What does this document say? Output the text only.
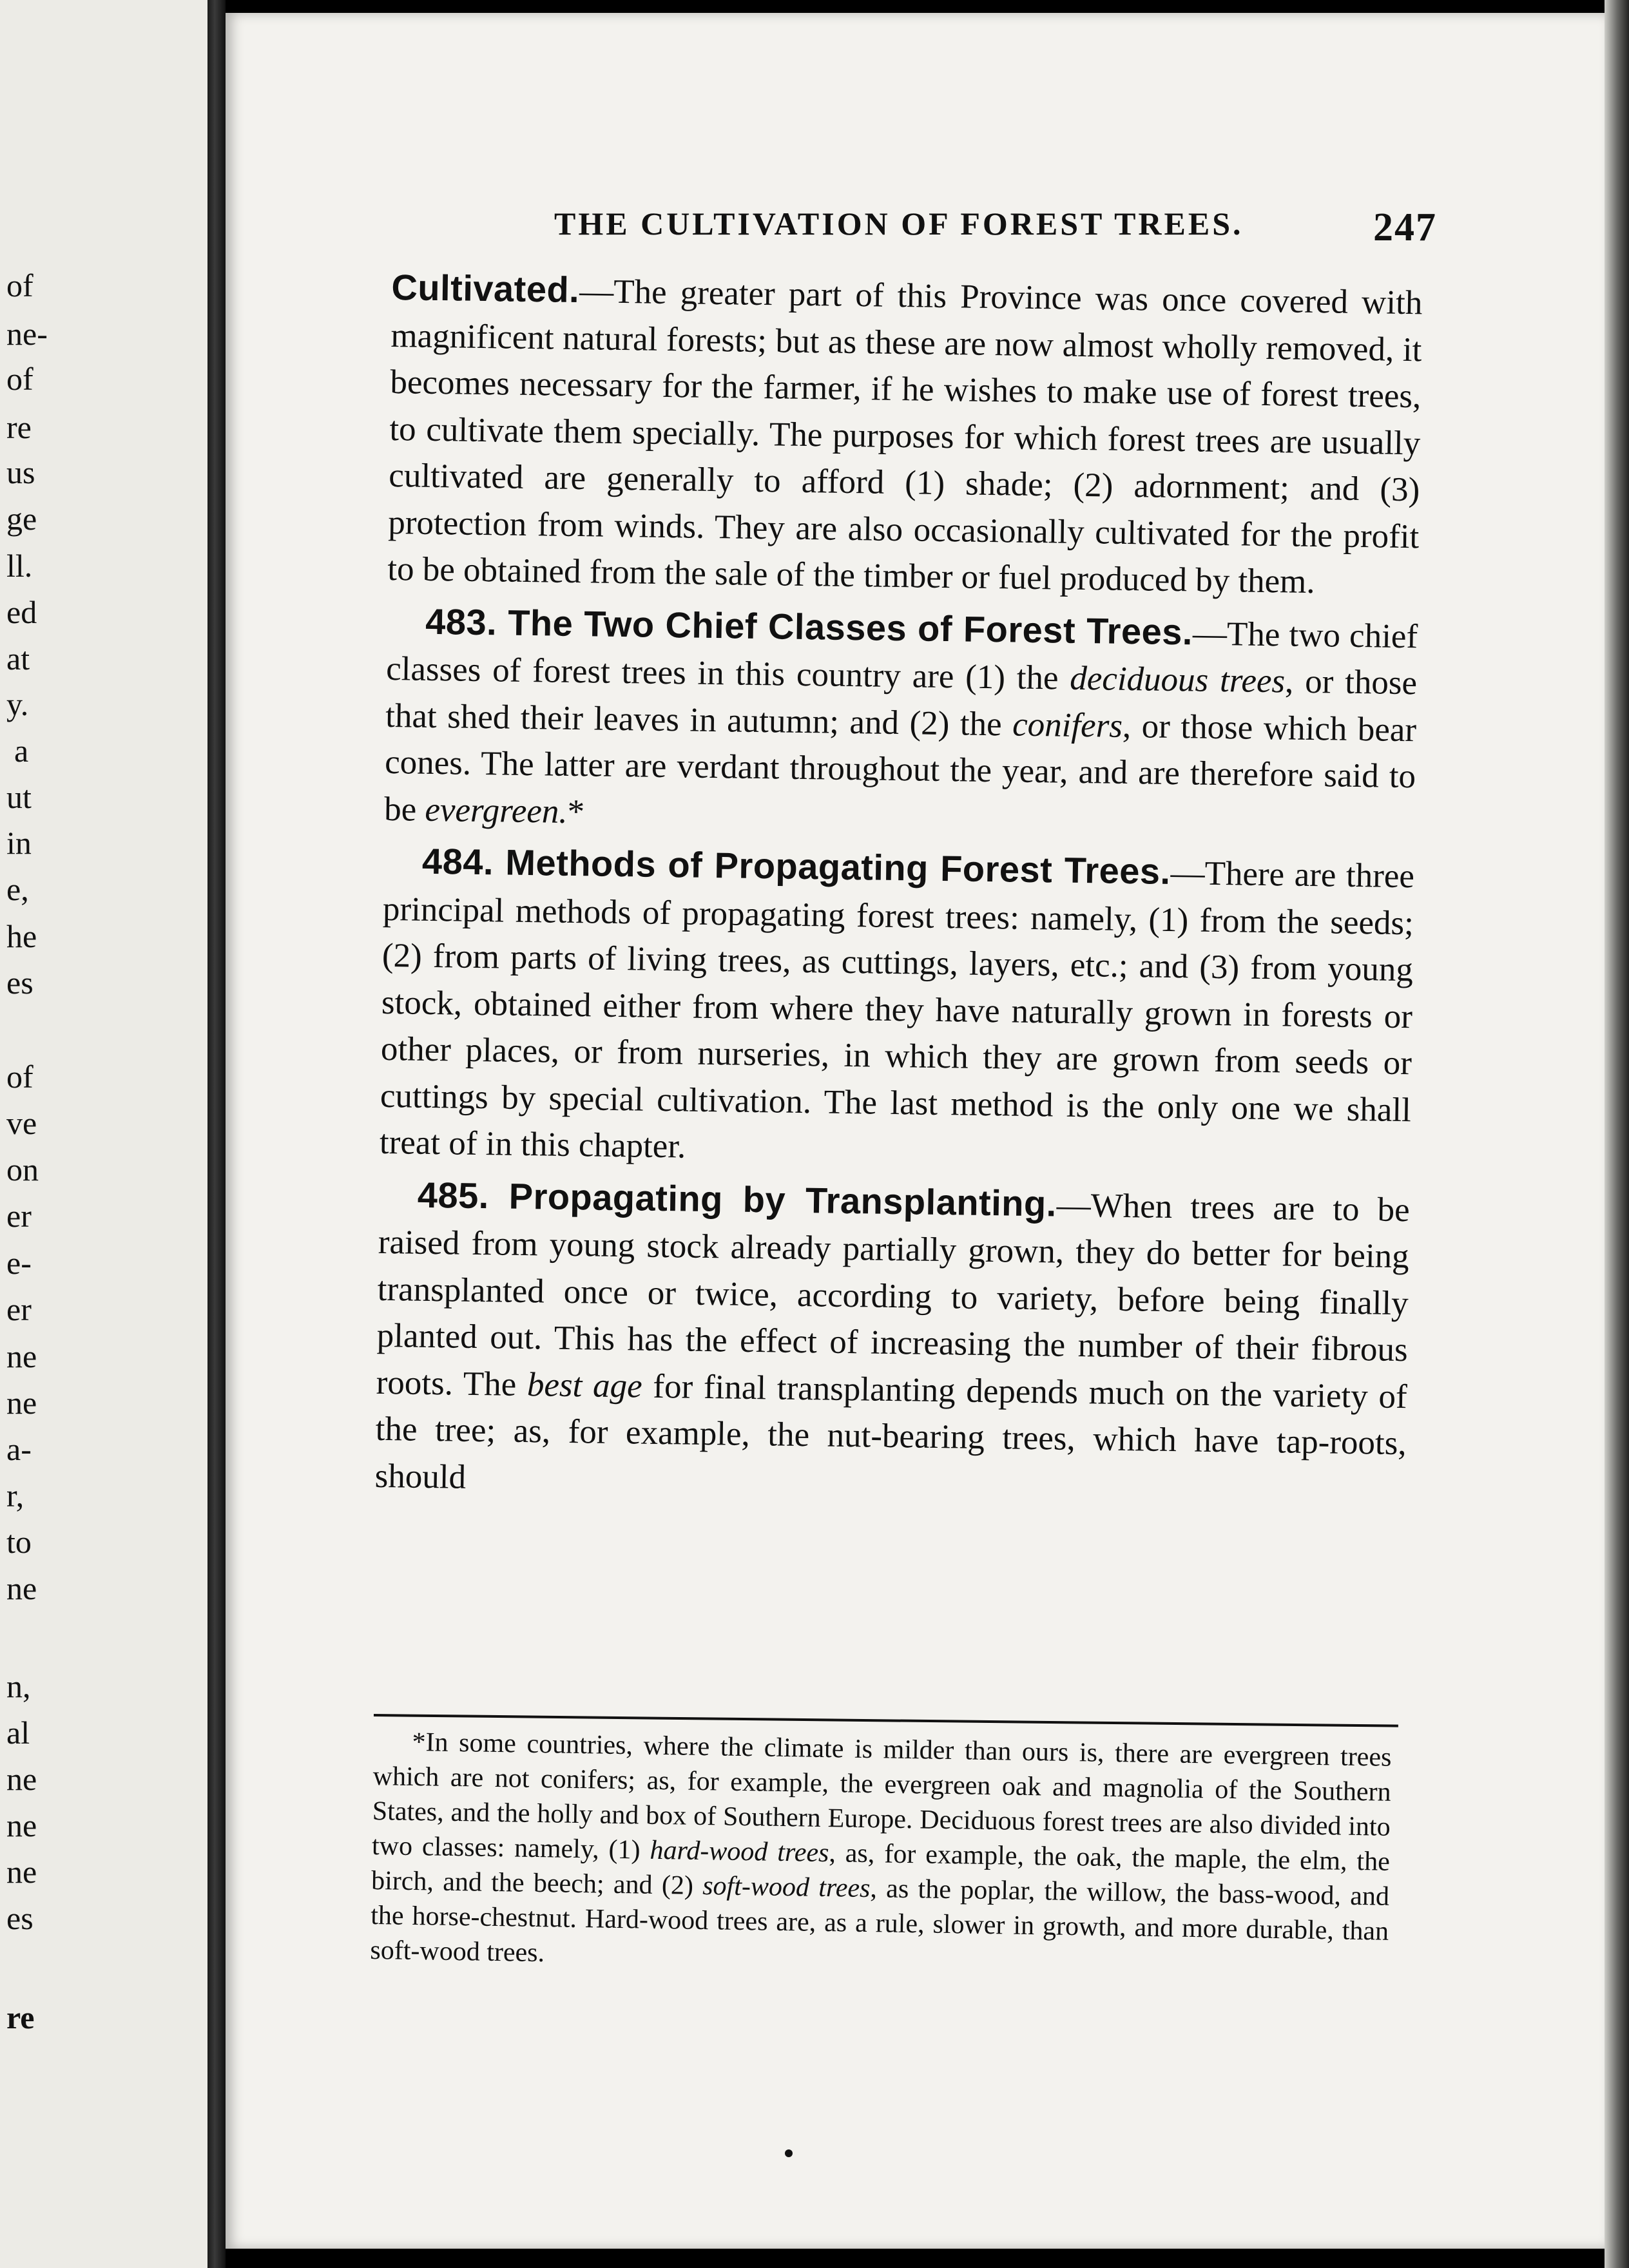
of
ne-
of
re
us
ge
ll.
ed
at
y.
a
ut
in
e,
he
es
of
ve
on
er
e-
er
ne
ne
a-
r,
to
ne
n,
al
ne
ne
ne
es
re
THE CULTIVATION OF FOREST TREES.	247

Cultivated.—The greater part of this Province was once covered with magnificent natural forests; but as these are now almost wholly removed, it becomes necessary for the farmer, if he wishes to make use of forest trees, to cultivate them specially. The purposes for which forest trees are usually cultivated are generally to afford (1) shade; (2) adornment; and (3) protection from winds. They are also occasionally cultivated for the profit to be obtained from the sale of the timber or fuel produced by them.

483. The Two Chief Classes of Forest Trees.—The two chief classes of forest trees in this country are (1) the deciduous trees, or those that shed their leaves in autumn; and (2) the conifers, or those which bear cones. The latter are verdant throughout the year, and are therefore said to be evergreen.*

484. Methods of Propagating Forest Trees.—There are three principal methods of propagating forest trees: namely, (1) from the seeds; (2) from parts of living trees, as cuttings, layers, etc.; and (3) from young stock, obtained either from where they have naturally grown in forests or other places, or from nurseries, in which they are grown from seeds or cuttings by special cultivation. The last method is the only one we shall treat of in this chapter.

485. Propagating by Transplanting.—When trees are to be raised from young stock already partially grown, they do better for being transplanted once or twice, according to variety, before being finally planted out. This has the effect of increasing the number of their fibrous roots. The best age for final transplanting depends much on the variety of the tree; as, for example, the nut-bearing trees, which have tap-roots, should

*In some countries, where the climate is milder than ours is, there are evergreen trees which are not conifers; as, for example, the evergreen oak and magnolia of the Southern States, and the holly and box of Southern Europe. Deciduous forest trees are also divided into two classes: namely, (1) hard-wood trees, as, for example, the oak, the maple, the elm, the birch, and the beech; and (2) soft-wood trees, as the poplar, the willow, the bass-wood, and the horse-chestnut. Hard-wood trees are, as a rule, slower in growth, and more durable, than soft-wood trees.
